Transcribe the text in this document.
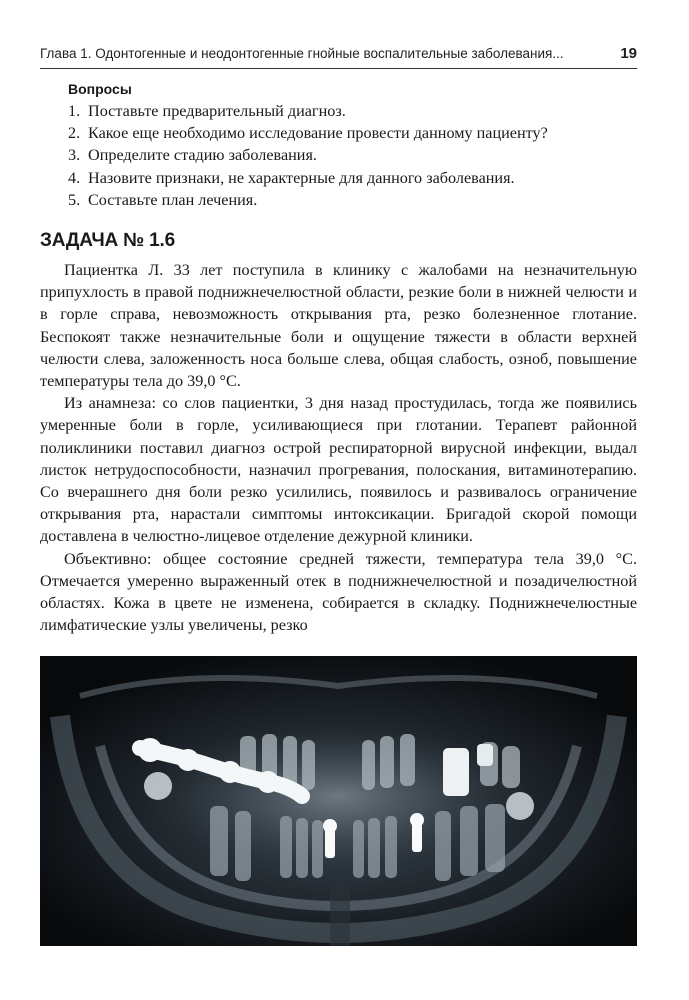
Глава 1. Одонтогенные и неодонтогенные гнойные воспалительные заболевания...	19
Вопросы
1. Поставьте предварительный диагноз.
2. Какое еще необходимо исследование провести данному пациенту?
3. Определите стадию заболевания.
4. Назовите признаки, не характерные для данного заболевания.
5. Составьте план лечения.
ЗАДАЧА № 1.6

Пациентка Л. 33 лет поступила в клинику с жалобами на незначительную припухлость в правой поднижнечелюстной области, резкие боли в нижней челюсти и в горле справа, невозможность открывания рта, резко болезненное глотание. Беспокоят также незначительные боли и ощущение тяжести в области верхней челюсти слева, заложенность носа больше слева, общая слабость, озноб, повышение температуры тела до 39,0 °С.

Из анамнеза: со слов пациентки, 3 дня назад простудилась, тогда же появились умеренные боли в горле, усиливающиеся при глотании. Терапевт районной поликлиники поставил диагноз острой респираторной вирусной инфекции, выдал листок нетрудоспособности, назначил прогревания, полоскания, витаминотерапию. Со вчерашнего дня боли резко усилились, появилось и развивалось ограничение открывания рта, нарастали симптомы интоксикации. Бригадой скорой помощи доставлена в челюстно-лицевое отделение дежурной клиники.

Объективно: общее состояние средней тяжести, температура тела 39,0 °С. Отмечается умеренно выраженный отек в поднижнечелюстной и позадичелюстной областях. Кожа в цвете не изменена, собирается в складку. Поднижнечелюстные лимфатические узлы увеличены, резко
